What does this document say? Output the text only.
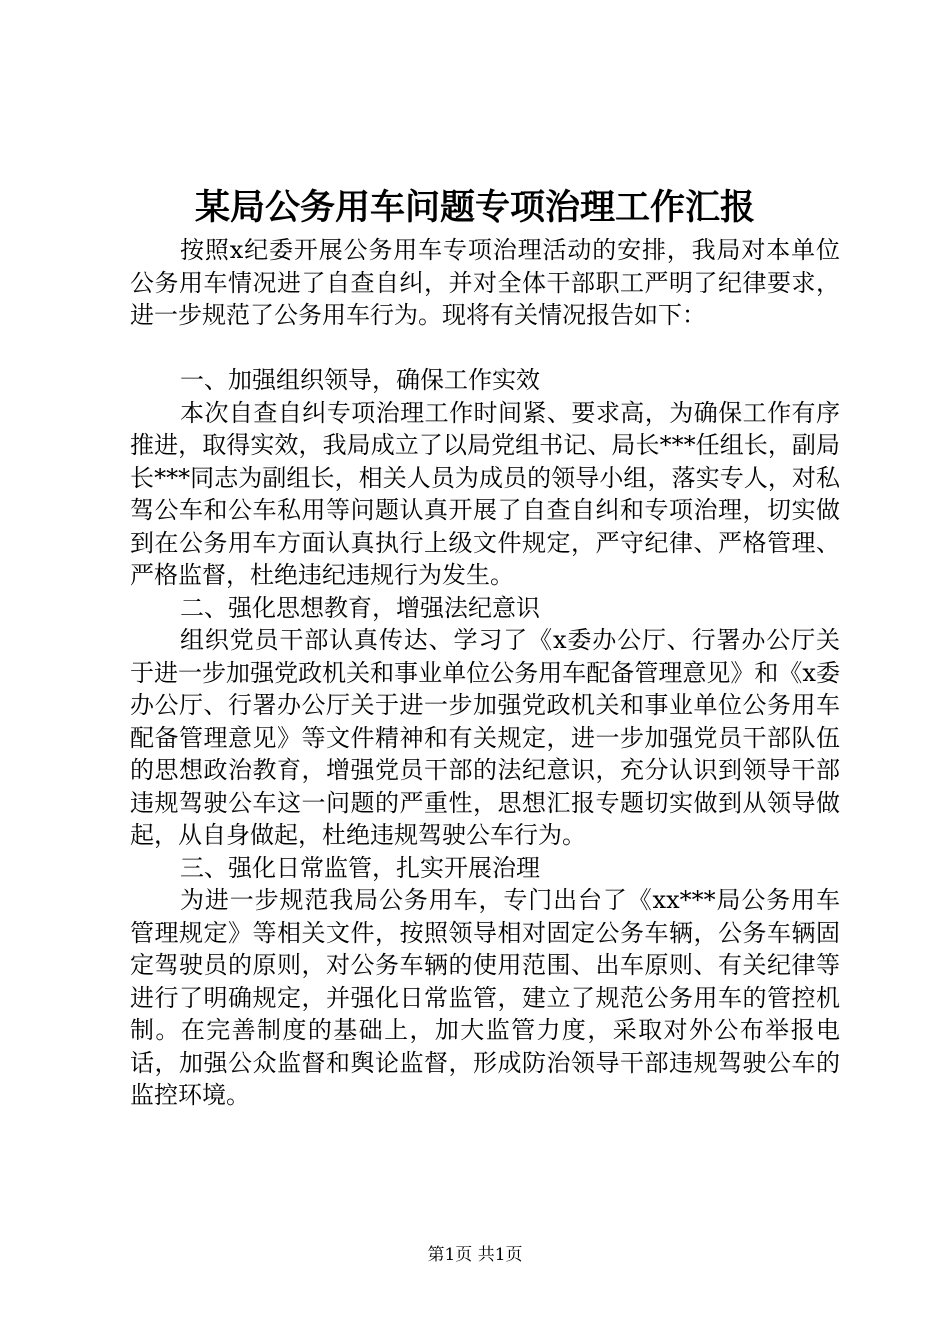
某局公务用车问题专项治理工作汇报

按照x纪委开展公务用车专项治理活动的安排，我局对本单位公务用车情况进了自查自纠，并对全体干部职工严明了纪律要求，进一步规范了公务用车行为。现将有关情况报告如下：

一、加强组织领导，确保工作实效

本次自查自纠专项治理工作时间紧、要求高，为确保工作有序推进，取得实效，我局成立了以局党组书记、局长***任组长，副局长***同志为副组长，相关人员为成员的领导小组，落实专人，对私驾公车和公车私用等问题认真开展了自查自纠和专项治理，切实做到在公务用车方面认真执行上级文件规定，严守纪律、严格管理、严格监督，杜绝违纪违规行为发生。

二、强化思想教育，增强法纪意识

组织党员干部认真传达、学习了《x委办公厅、行署办公厅关于进一步加强党政机关和事业单位公务用车配备管理意见》和《x委办公厅、行署办公厅关于进一步加强党政机关和事业单位公务用车配备管理意见》等文件精神和有关规定，进一步加强党员干部队伍的思想政治教育，增强党员干部的法纪意识，充分认识到领导干部违规驾驶公车这一问题的严重性，思想汇报专题切实做到从领导做起，从自身做起，杜绝违规驾驶公车行为。

三、强化日常监管，扎实开展治理

为进一步规范我局公务用车，专门出台了《xx***局公务用车管理规定》等相关文件，按照领导相对固定公务车辆，公务车辆固定驾驶员的原则，对公务车辆的使用范围、出车原则、有关纪律等进行了明确规定，并强化日常监管，建立了规范公务用车的管控机制。在完善制度的基础上，加大监管力度，采取对外公布举报电话，加强公众监督和舆论监督，形成防治领导干部违规驾驶公车的监控环境。

第1页 共1页
